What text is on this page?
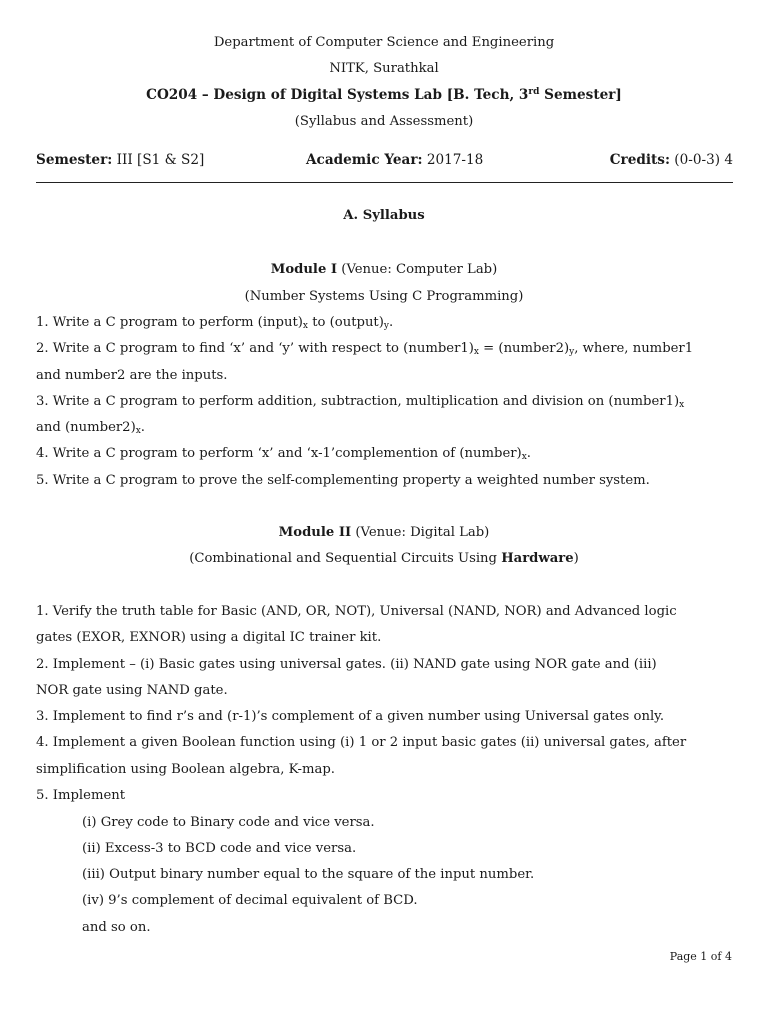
Department of Computer Science and Engineering
NITK, Surathkal
CO204 – Design of Digital Systems Lab [B. Tech, 3rd Semester]
(Syllabus and Assessment)
Semester: III [S1 & S2]	Academic Year: 2017-18	Credits: (0-0-3) 4
A. Syllabus
Module I (Venue: Computer Lab)
(Number Systems Using C Programming)
1. Write a C program to perform $(input)_x$ to $(output)_y$.
2. Write a C program to find ‘x’ and ‘y’ with respect to $(number1)_x$ = $(number2)_y$, where, number1
and number2 are the inputs.
3. Write a C program to perform addition, subtraction, multiplication and division on $(number1)_x$
and $(number2)_x$.
4. Write a C program to perform ‘x’ and ‘x-1’complemention of $(number)_x$.
5. Write a C program to prove the self-complementing property a weighted number system.
Module II (Venue: Digital Lab)
(Combinational and Sequential Circuits Using Hardware)
1. Verify the truth table for Basic (AND, OR, NOT), Universal (NAND, NOR) and Advanced logic
gates (EXOR, EXNOR) using a digital IC trainer kit.
2. Implement – (i) Basic gates using universal gates. (ii) NAND gate using NOR gate and (iii)
NOR gate using NAND gate.
3. Implement to find r’s and (r-1)’s complement of a given number using Universal gates only.
4. Implement a given Boolean function using (i) 1 or 2 input basic gates (ii) universal gates, after
simplification using Boolean algebra, K-map.
5. Implement
(i) Grey code to Binary code and vice versa.
(ii) Excess-3 to BCD code and vice versa.
(iii) Output binary number equal to the square of the input number.
(iv) 9’s complement of decimal equivalent of BCD.
and so on.
Page 1 of 4
